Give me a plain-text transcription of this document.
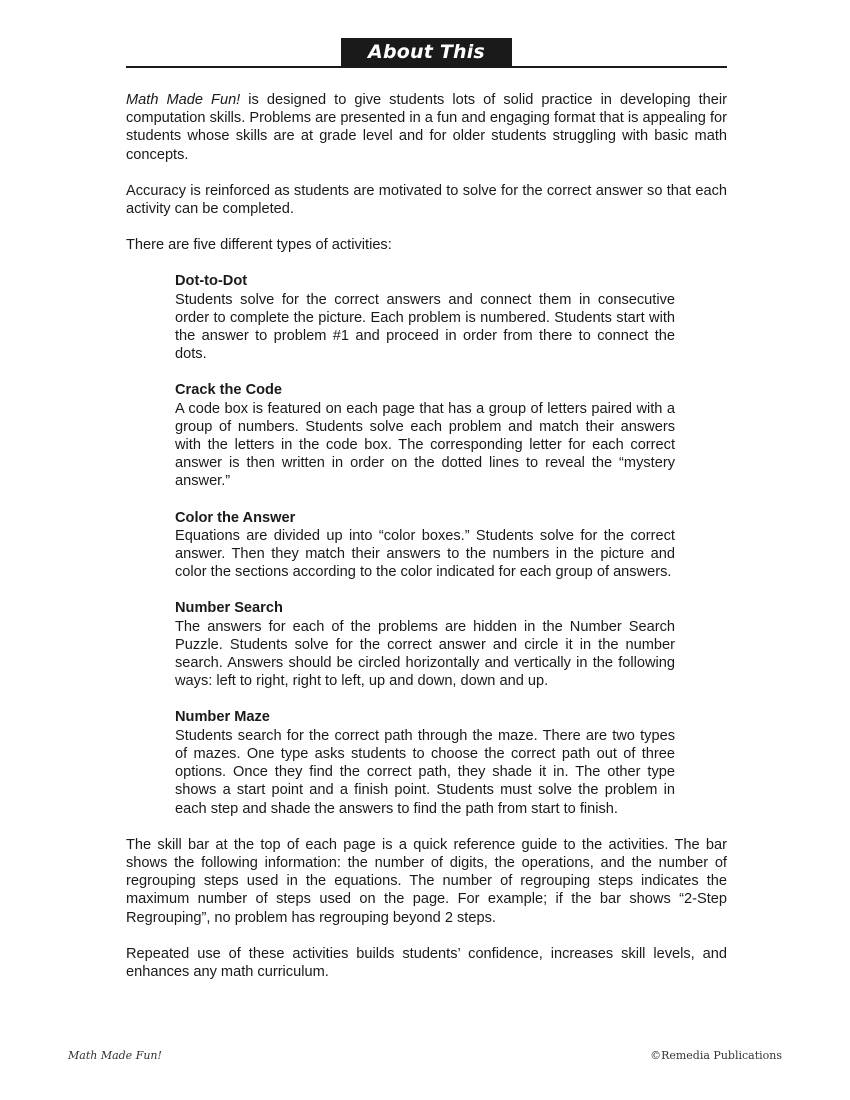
About This Book

Math Made Fun! is designed to give students lots of solid practice in developing their computation skills. Problems are presented in a fun and engaging format that is appealing for students whose skills are at grade level and for older students struggling with basic math concepts.

Accuracy is reinforced as students are motivated to solve for the correct answer so that each activity can be completed.

There are five different types of activities:

Dot-to-Dot

Students solve for the correct answers and connect them in consecutive order to complete the picture. Each problem is numbered. Students start with the answer to problem #1 and proceed in order from there to connect the dots.

Crack the Code

A code box is featured on each page that has a group of letters paired with a group of numbers. Students solve each problem and match their answers with the letters in the code box. The corresponding letter for each correct answer is then written in order on the dotted lines to reveal the “mystery answer.”

Color the Answer

Equations are divided up into “color boxes.” Students solve for the correct answer. Then they match their answers to the numbers in the picture and color the sections according to the color indicated for each group of answers.

Number Search

The answers for each of the problems are hidden in the Number Search Puzzle. Students solve for the correct answer and circle it in the number search. Answers should be circled horizontally and vertically in the following ways: left to right, right to left, up and down, down and up.

Number Maze

Students search for the correct path through the maze. There are two types of mazes. One type asks students to choose the correct path out of three options. Once they find the correct path, they shade it in. The other type shows a start point and a finish point. Students must solve the problem in each step and shade the answers to find the path from start to finish.

The skill bar at the top of each page is a quick reference guide to the activities. The bar shows the following information: the number of digits, the operations, and the number of regrouping steps used in the equations. The number of regrouping steps indicates the maximum number of steps used on the page. For example; if the bar shows “2-Step Regrouping”, no problem has regrouping beyond 2 steps.

Repeated use of these activities builds students’ confidence, increases skill levels, and enhances any math curriculum.

Math Made Fun!	©Remedia Publications
